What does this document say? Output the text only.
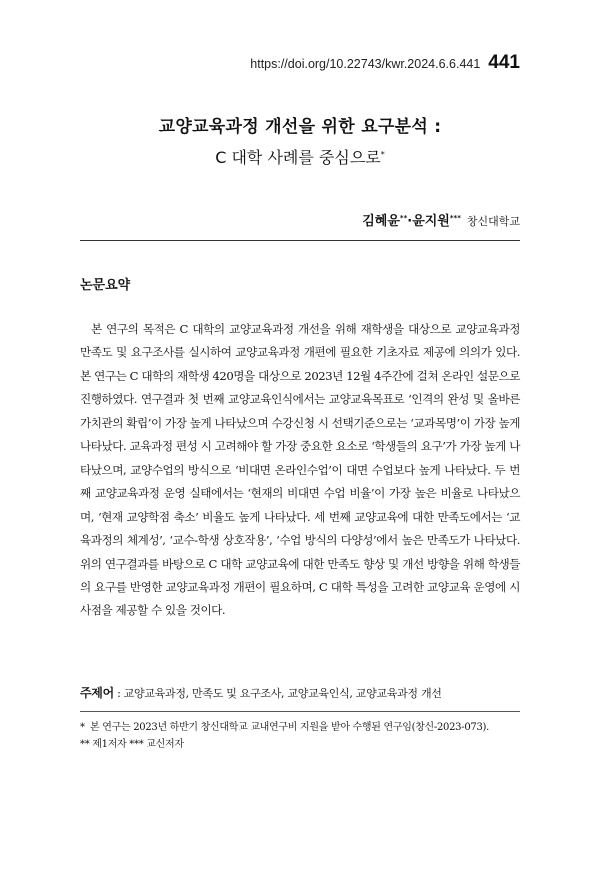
https://doi.org/10.22743/kwr.2024.6.6.441 441
교양교육과정 개선을 위한 요구분석 :
C 대학 사례를 중심으로*
김혜윤**·윤지원*** 창신대학교
논문요약

본 연구의 목적은 C 대학의 교양교육과정 개선을 위해 재학생을 대상으로 교양교육과정 만족도 및 요구조사를 실시하여 교양교육과정 개편에 필요한 기초자료 제공에 의의가 있다. 본 연구는 C 대학의 재학생 420명을 대상으로 2023년 12월 4주간에 걸쳐 온라인 설문으로 진행하였다. 연구결과 첫 번째 교양교육인식에서는 교양교육목표로 ‘인격의 완성 및 올바른 가치관의 확립’이 가장 높게 나타났으며 수강신청 시 선택기준으로는 ‘교과목명’이 가장 높게 나타났다. 교육과정 편성 시 고려해야 할 가장 중요한 요소로 ‘학생들의 요구’가 가장 높게 나타났으며, 교양수업의 방식으로 ‘비대면 온라인수업’이 대면 수업보다 높게 나타났다. 두 번째 교양교육과정 운영 실태에서는 ‘현재의 비대면 수업 비율’이 가장 높은 비율로 나타났으며, ‘현재 교양학점 축소’ 비율도 높게 나타났다. 세 번째 교양교육에 대한 만족도에서는 ‘교육과정의 체계성’, ‘교수-학생 상호작용’, ‘수업 방식의 다양성’에서 높은 만족도가 나타났다. 위의 연구결과를 바탕으로 C 대학 교양교육에 대한 만족도 향상 및 개선 방향을 위해 학생들의 요구를 반영한 교양교육과정 개편이 필요하며, C 대학 특성을 고려한 교양교육 운영에 시사점을 제공할 수 있을 것이다.

주제어 : 교양교육과정, 만족도 및 요구조사, 교양교육인식, 교양교육과정 개선
* 본 연구는 2023년 하반기 창신대학교 교내연구비 지원을 받아 수행된 연구임(창신-2023-073).
** 제1저자 *** 교신저자
